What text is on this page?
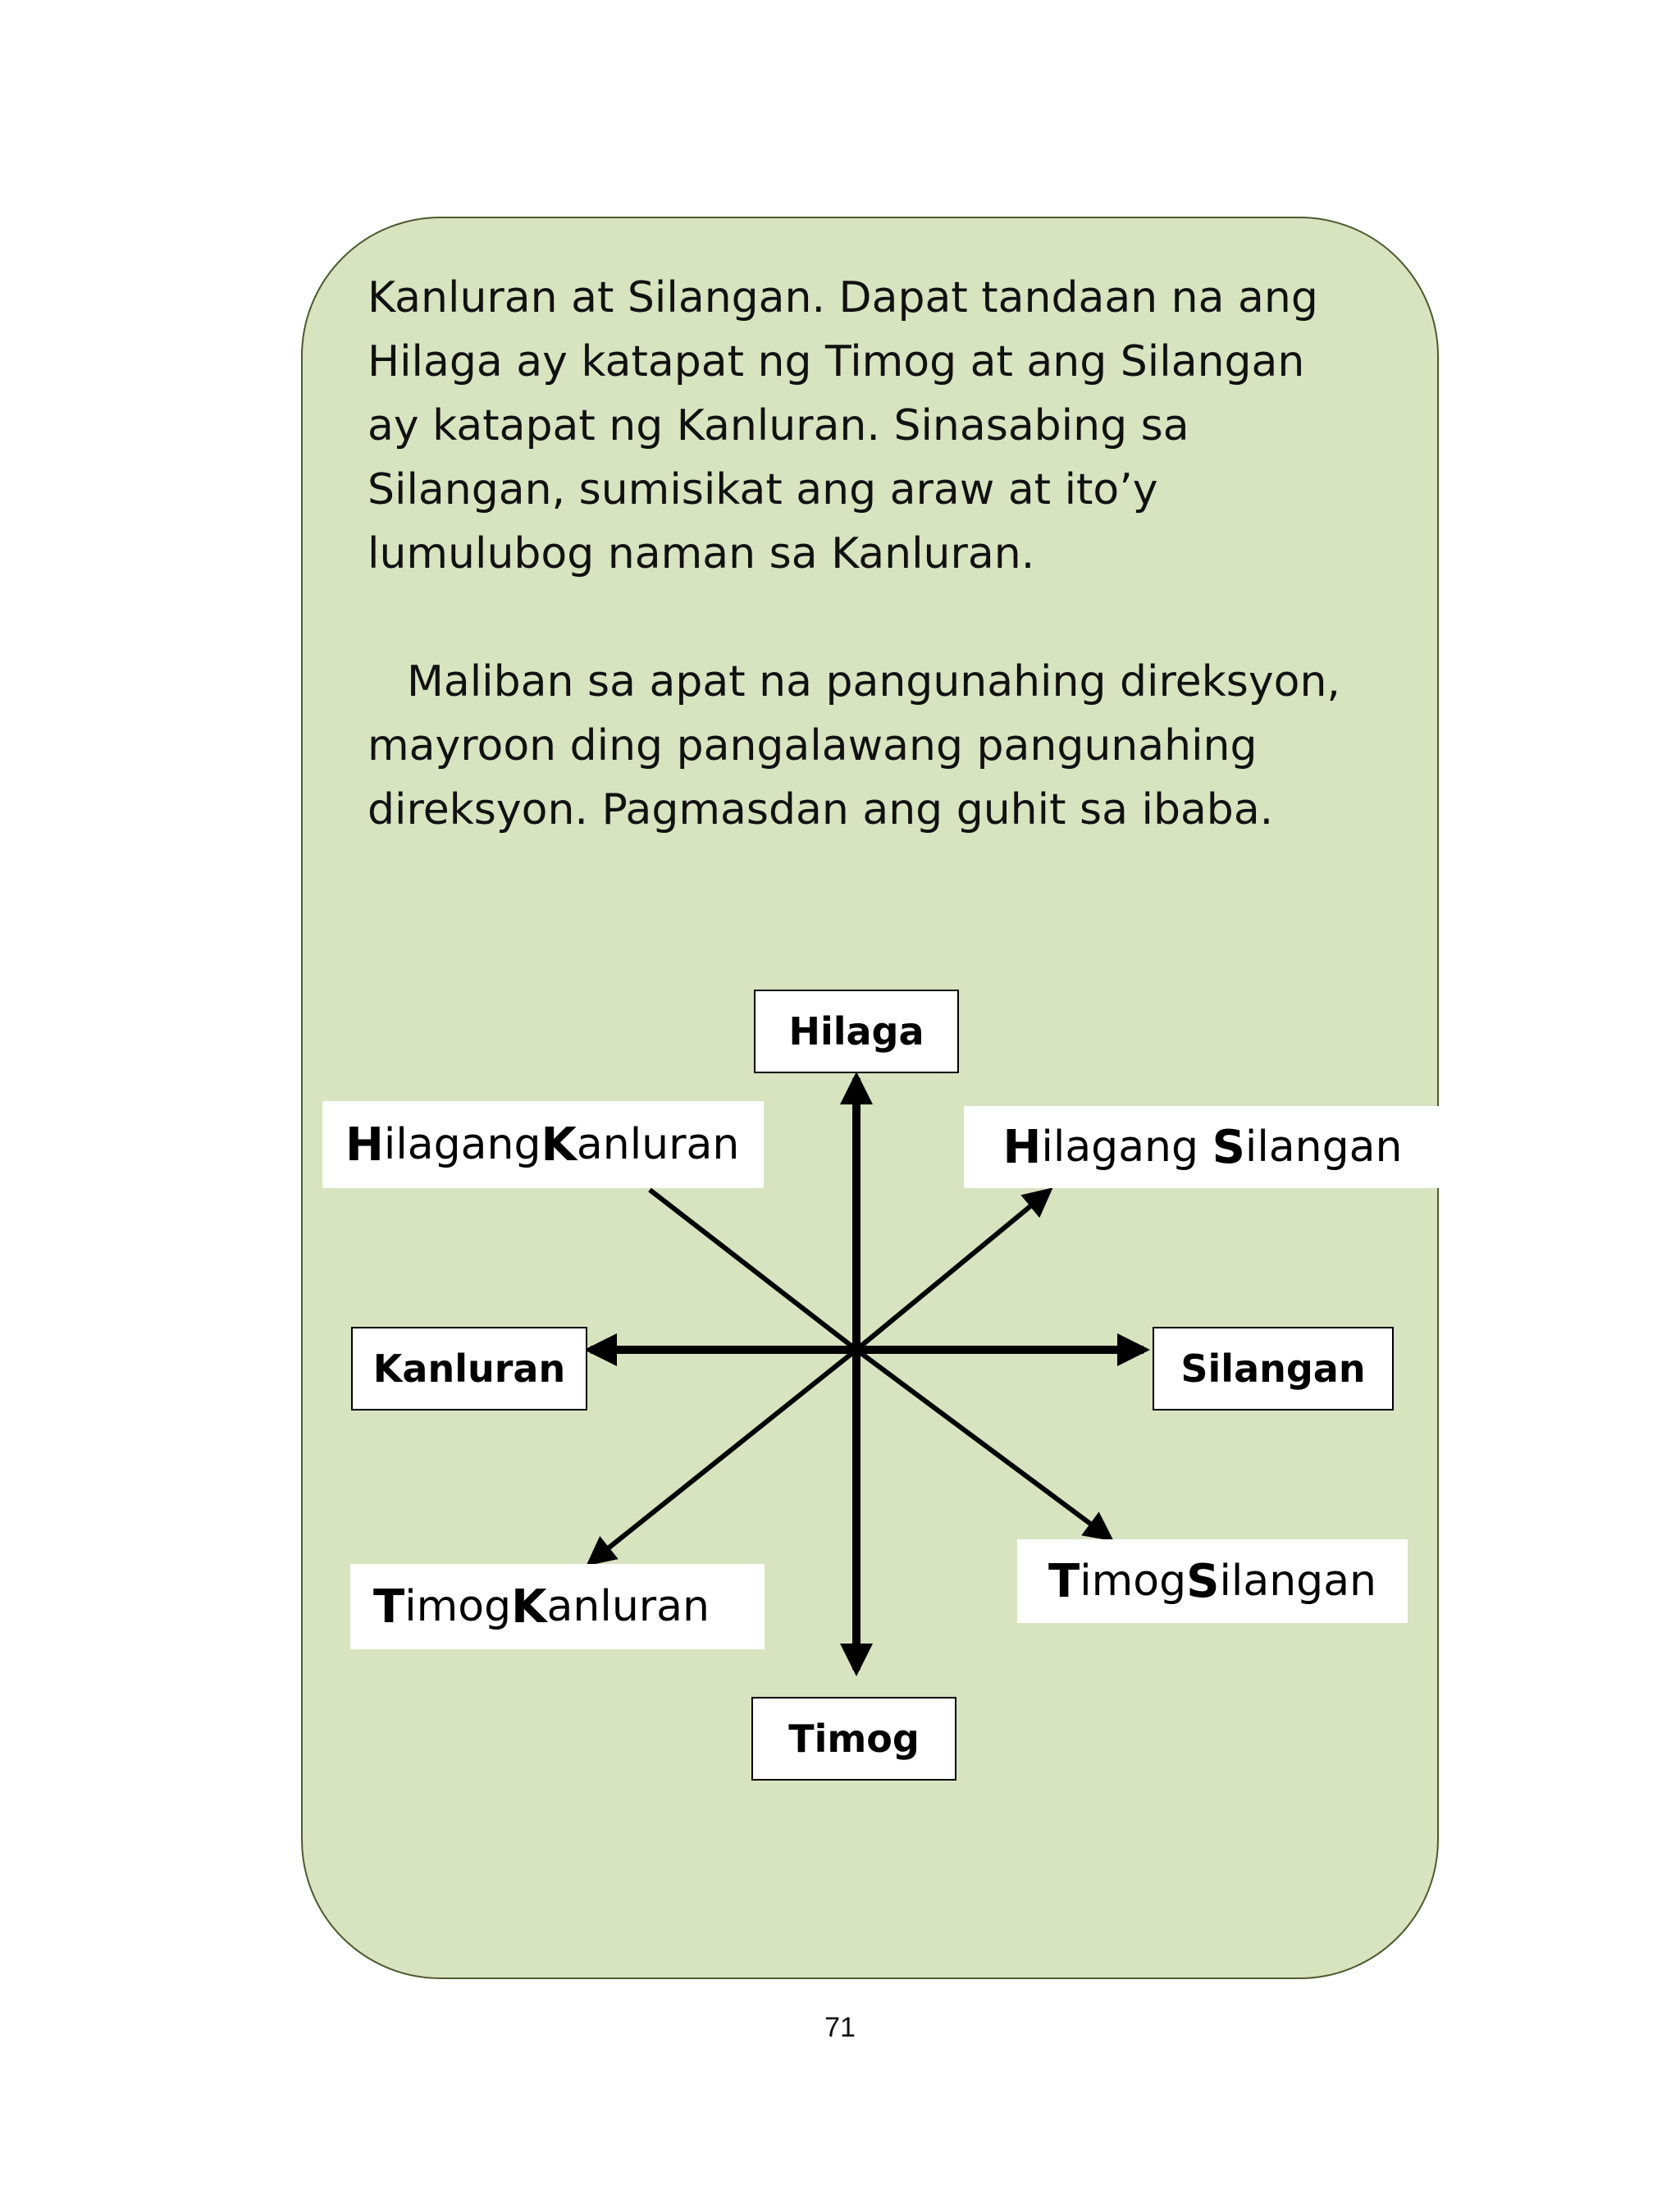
Kanluran at Silangan. Dapat tandaan na ang
Hilaga ay katapat ng Timog at ang Silangan
ay katapat ng Kanluran. Sinasabing sa
Silangan, sumisikat ang araw at ito’y
lumulubog naman sa Kanluran.
Maliban sa apat na pangunahing direksyon,
mayroon ding pangalawang pangunahing
direksyon. Pagmasdan ang guhit sa ibaba.
Hilaga
Kanluran	Silangan
Timog
H ilagang K anluran	H ilagang S ilangan
T imog K anluran	T imog S ilangan
71
